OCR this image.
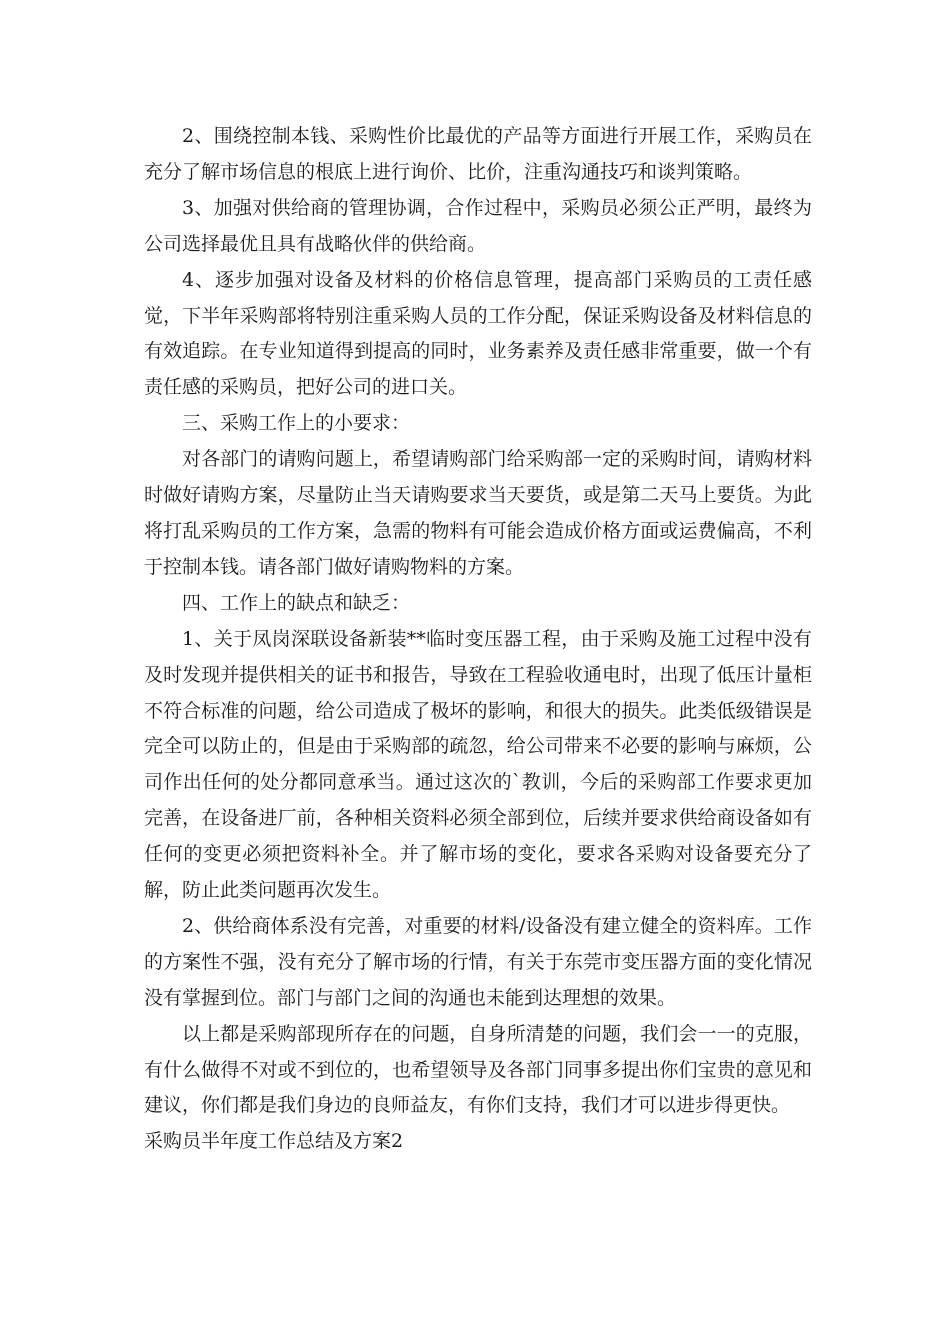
2、围绕控制本钱、采购性价比最优的产品等方面进行开展工作，采购员在充分了解市场信息的根底上进行询价、比价，注重沟通技巧和谈判策略。

3、加强对供给商的管理协调，合作过程中，采购员必须公正严明，最终为公司选择最优且具有战略伙伴的供给商。

4、逐步加强对设备及材料的价格信息管理，提高部门采购员的工责任感觉，下半年采购部将特别注重采购人员的工作分配，保证采购设备及材料信息的有效追踪。在专业知道得到提高的同时，业务素养及责任感非常重要，做一个有责任感的采购员，把好公司的进口关。

三、采购工作上的小要求：

对各部门的请购问题上，希望请购部门给采购部一定的采购时间，请购材料时做好请购方案，尽量防止当天请购要求当天要货，或是第二天马上要货。为此将打乱采购员的工作方案，急需的物料有可能会造成价格方面或运费偏高，不利于控制本钱。请各部门做好请购物料的方案。

四、工作上的缺点和缺乏：

1、关于凤岗深联设备新装**临时变压器工程，由于采购及施工过程中没有及时发现并提供相关的证书和报告，导致在工程验收通电时，出现了低压计量柜不符合标准的问题，给公司造成了极坏的影响，和很大的损失。此类低级错误是完全可以防止的，但是由于采购部的疏忽，给公司带来不必要的影响与麻烦，公司作出任何的处分都同意承当。通过这次的`教训，今后的采购部工作要求更加完善，在设备进厂前，各种相关资料必须全部到位，后续并要求供给商设备如有任何的变更必须把资料补全。并了解市场的变化，要求各采购对设备要充分了解，防止此类问题再次发生。

2、供给商体系没有完善，对重要的材料/设备没有建立健全的资料库。工作的方案性不强，没有充分了解市场的行情，有关于东莞市变压器方面的变化情况没有掌握到位。部门与部门之间的沟通也未能到达理想的效果。

以上都是采购部现所存在的问题，自身所清楚的问题，我们会一一的克服，有什么做得不对或不到位的，也希望领导及各部门同事多提出你们宝贵的意见和建议，你们都是我们身边的良师益友，有你们支持，我们才可以进步得更快。

采购员半年度工作总结及方案2
